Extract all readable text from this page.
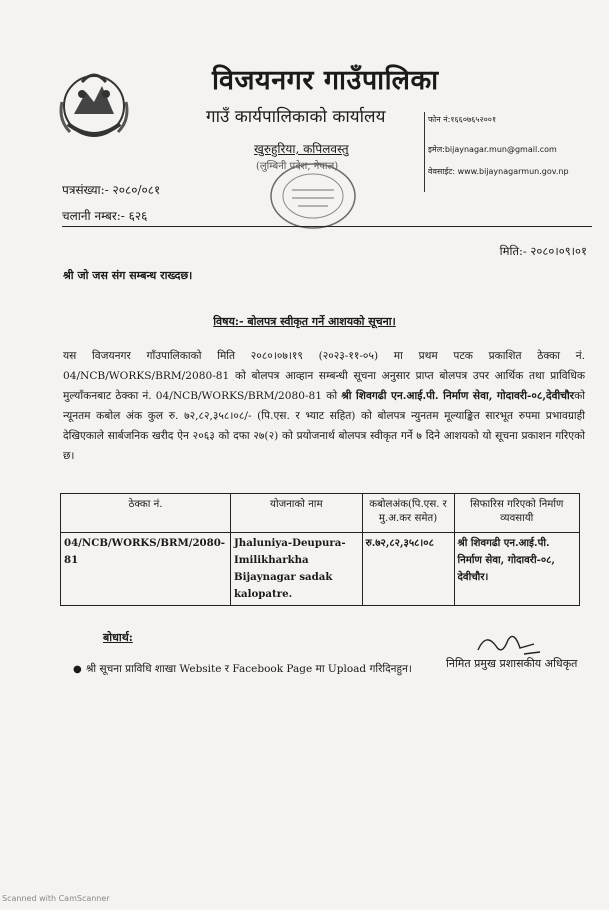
विजयनगर गाउँपालिका
गाउँ कार्यपालिकाको कार्यालय
खुरुहुरिया, कपिलवस्तु
(लुम्बिनी प्रदेश, नेपाल)
फोन नं:१६६०७६५२००१
इमेल:bijaynagar.mun@gmail.com
वेवसाईट: www.bijaynagarmun.gov.np
पत्रसंख्या:- २०८०/०८१
चलानी नम्बर:- ६२६
मिति:- २०८०।०९।०१
श्री जो जस संग सम्बन्ध राख्दछ।
विषय:- बोलपत्र स्वीकृत गर्ने आशयको सूचना।
यस विजयनगर गाँउपालिकाको मिति २०८०।०७।१९ (२०२३-११-०५) मा प्रथम पटक प्रकाशित ठेक्का नं. 04/NCB/WORKS/BRM/2080-81 को बोलपत्र आव्हान सम्बन्धी सूचना अनुसार प्राप्त बोलपत्र उपर आर्थिक तथा प्राविधिक मुल्याँकनबाट ठेक्का नं. 04/NCB/WORKS/BRM/2080-81 को श्री शिवगढी एन.आई.पी. निर्माण सेवा, गोदावरी-०८,देवीचौरको न्यूनतम कबोल अंक कुल रु. ७२,८२,३५८।०८/- (पि.एस. र भ्याट सहित) को बोलपत्र न्युनतम मूल्याङ्कित सारभूत रुपमा प्रभावग्राही देखिएकाले सार्बजनिक खरीद ऐन २०६३ को दफा २७(२) को प्रयोजनार्थ बोलपत्र स्वीकृत गर्ने ७ दिने आशयको यो सूचना प्रकाशन गरिएको छ।
ठेक्का नं.	योजनाको नाम	कबोलअंक(पि.एस. र मु.अ.कर समेत)	सिफारिस गरिएको निर्माण व्यवसायी
04/NCB/WORKS/BRM/2080-81	Jhaluniya-Deupura-Imilikharkha Bijaynagar sadak kalopatre.	रु.७२,८२,३५८।०८	श्री शिवगढी एन.आई.पी. निर्माण सेवा, गोदावरी-०८, देवीचौर।
बोधार्थ:
● श्री सूचना प्राविधि शाखा Website र Facebook Page मा Upload गरिदिनहुन।	निमित प्रमुख प्रशासकीय अधिकृत
Scanned with CamScanner
